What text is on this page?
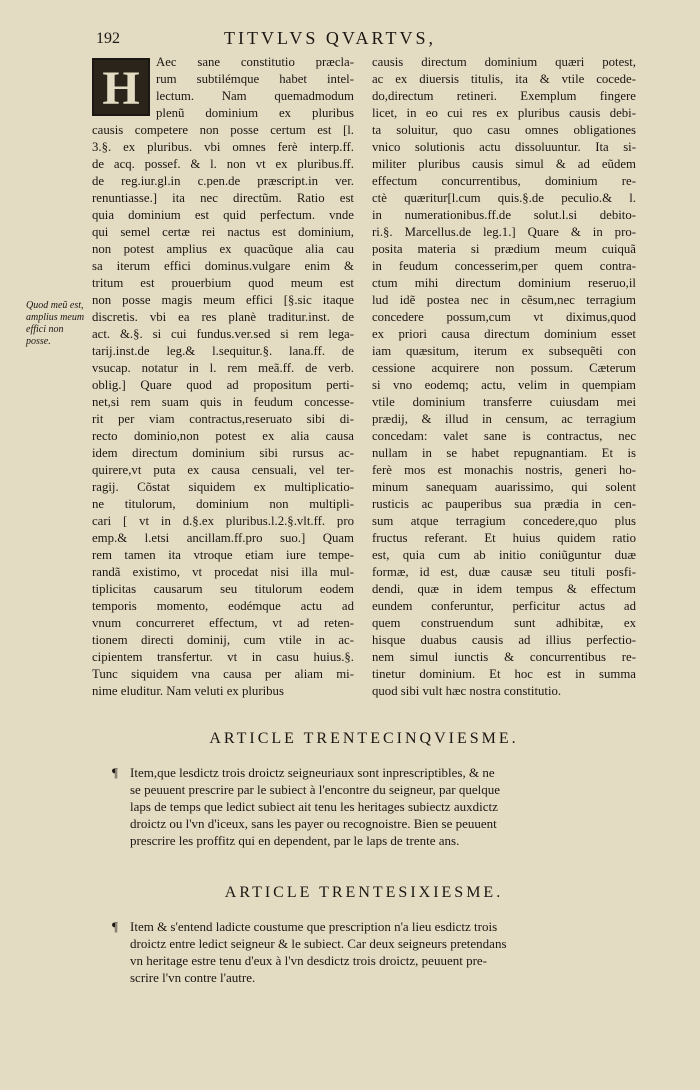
192	TITVLVS QVARTVS,
H
Quod meũ est, amplius meum effici non posse.
Aec sane constitutio præcla-
rum subtilémque habet intel-
lectum. Nam quemadmodum
plenũ dominium ex pluribus
causis competere non posse certum est [l.
3.§. ex pluribus. vbi omnes ferè interp.ff.
de acq. possef. & l. non vt ex pluribus.ff.
de reg.iur.gl.in c.pen.de præscript.in ver.
renuntiasse.] ita nec directũm. Ratio est
quia dominium est quid perfectum. vnde
qui semel certæ rei nactus est dominium,
non potest amplius ex quacũque alia cau
sa iterum effici dominus.vulgare enim &
tritum est prouerbium quod meum est
non posse magis meum effici [§.sic itaque
discretis. vbi ea res planè traditur.inst. de
act. &.§. si cui fundus.ver.sed si rem lega-
tarij.inst.de leg.& l.sequitur.§. lana.ff. de
vsucap. notatur in l. rem meã.ff. de verb.
oblig.] Quare quod ad propositum perti-
net,si rem suam quis in feudum concesse-
rit per viam contractus,reseruato sibi di-
recto dominio,non potest ex alia causa
idem directum dominium sibi rursus ac-
quirere,vt puta ex causa censuali, vel ter-
ragij. Cõstat siquidem ex multiplicatio-
ne titulorum, dominium non multipli-
cari [ vt in d.§.ex pluribus.l.2.§.vlt.ff. pro
emp.& l.etsi ancillam.ff.pro suo.] Quam
rem tamen ita vtroque etiam iure tempe-
randã existimo, vt procedat nisi illa mul-
tiplicitas causarum seu titulorum eodem
temporis momento, eodémque actu ad
vnum concurreret effectum, vt ad reten-
tionem directi dominij, cum vtile in ac-
cipientem transfertur. vt in casu huius.§.
Tunc siquidem vna causa per aliam mi-
nime eluditur. Nam veluti ex pluribus
causis directum dominium quæri potest,
ac ex diuersis titulis, ita & vtile cocede-
do,directum retineri. Exemplum fingere
licet, in eo cui res ex pluribus causis debi-
ta soluitur, quo casu omnes obligationes
vnico solutionis actu dissoluuntur. Ita si-
militer pluribus causis simul & ad eũdem
effectum concurrentibus, dominium re-
ctè quæritur[l.cum quis.§.de peculio.& l.
in numerationibus.ff.de solut.l.si debito-
ri.§. Marcellus.de leg.1.] Quare & in pro-
posita materia si prædium meum cuiquã
in feudum concesserim,per quem contra-
ctum mihi directum dominium reseruo,il
lud idẽ postea nec in cẽsum,nec terragium
concedere possum,cum vt diximus,quod
ex priori causa directum dominium esset
iam quæsitum, iterum ex subsequẽti con
cessione acquirere non possum. Cæterum
si vno eodemq; actu, velim in quempiam
vtile dominium transferre cuiusdam mei
prædij, & illud in censum, ac terragium
concedam: valet sane is contractus, nec
nullam in se habet repugnantiam. Et is
ferè mos est monachis nostris, generi ho-
minum sanequam auarissimo, qui solent
rusticis ac pauperibus sua prædia in cen-
sum atque terragium concedere,quo plus
fructus referant. Et huius quidem ratio
est, quia cum ab initio coniũguntur duæ
formæ, id est, duæ causæ seu tituli posfi-
dendi, quæ in idem tempus & effectum
eundem conferuntur, perficitur actus ad
quem construendum sunt adhibitæ, ex
hisque duabus causis ad illius perfectio-
nem simul iunctis & concurrentibus re-
tinetur dominium. Et hoc est in summa
quod sibi vult hæc nostra constitutio.
ARTICLE TRENTECINQVIESME.
¶ Item,que lesdictz trois droictz seigneuriaux sont inprescriptibles, & ne
se peuuent prescrire par le subiect à l'encontre du seigneur, par quelque
laps de temps que ledict subiect ait tenu les heritages subiectz auxdictz
droictz ou l'vn d'iceux, sans les payer ou recognoistre. Bien se peuuent
prescrire les proffitz qui en dependent, par le laps de trente ans.
ARTICLE TRENTESIXIESME.
¶ Item & s'entend ladicte coustume que prescription n'a lieu esdictz trois
droictz entre ledict seigneur & le subiect. Car deux seigneurs pretendans
vn heritage estre tenu d'eux à l'vn desdictz trois droictz, peuuent pre-
scrire l'vn contre l'autre.
